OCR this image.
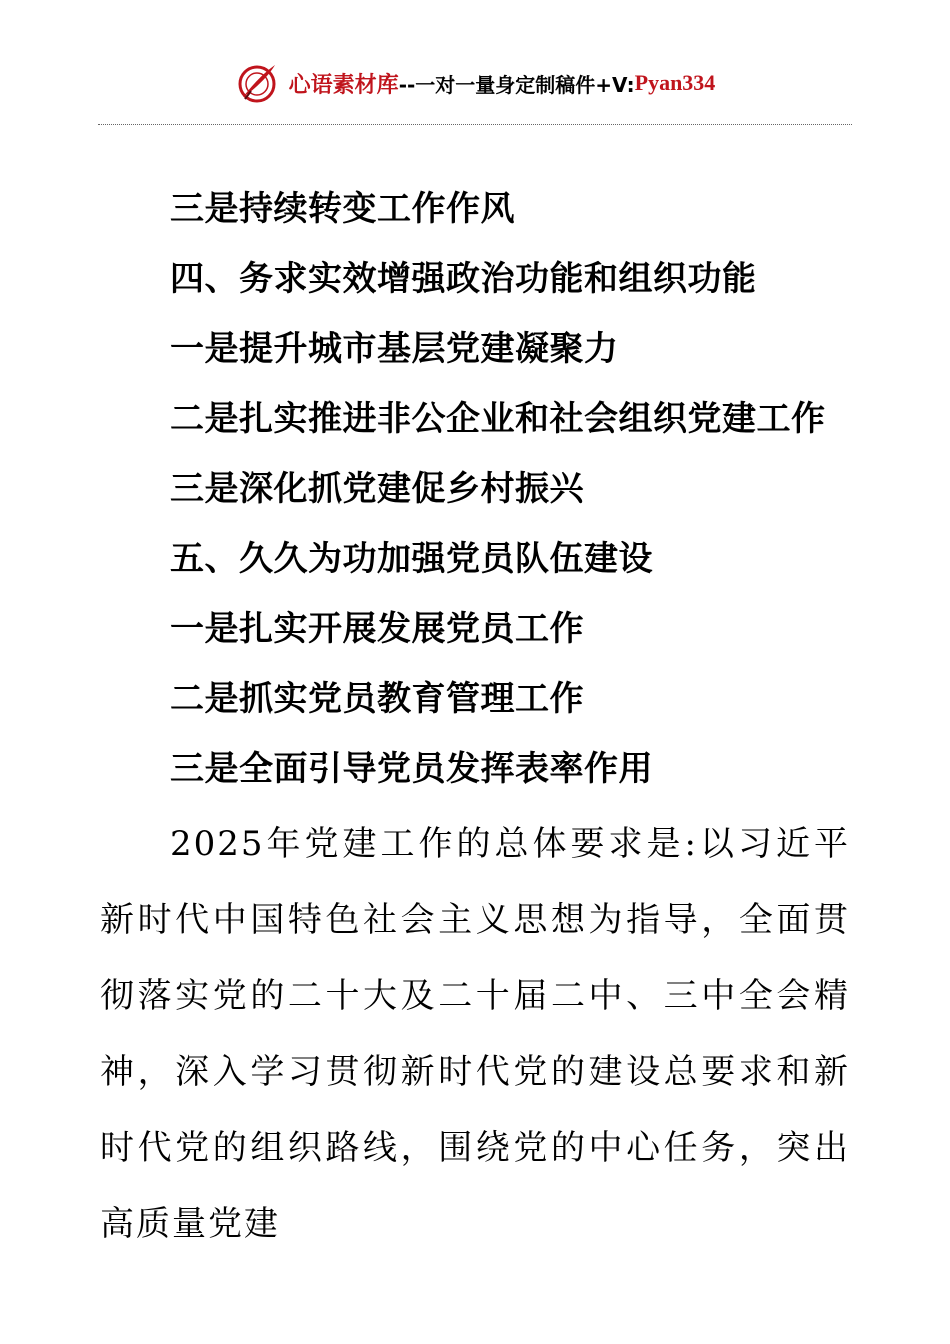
心语素材库 --一对一量身定制稿件+V: Pyan334
三是持续转变工作作风
四、务求实效增强政治功能和组织功能
一是提升城市基层党建凝聚力
二是扎实推进非公企业和社会组织党建工作
三是深化抓党建促乡村振兴
五、久久为功加强党员队伍建设
一是扎实开展发展党员工作
二是抓实党员教育管理工作
三是全面引导党员发挥表率作用

2025年党建工作的总体要求是:以习近平新时代中国特色社会主义思想为指导，全面贯彻落实党的二十大及二十届二中、三中全会精神，深入学习贯彻新时代党的建设总要求和新时代党的组织路线，围绕党的中心任务，突出高质量党建
